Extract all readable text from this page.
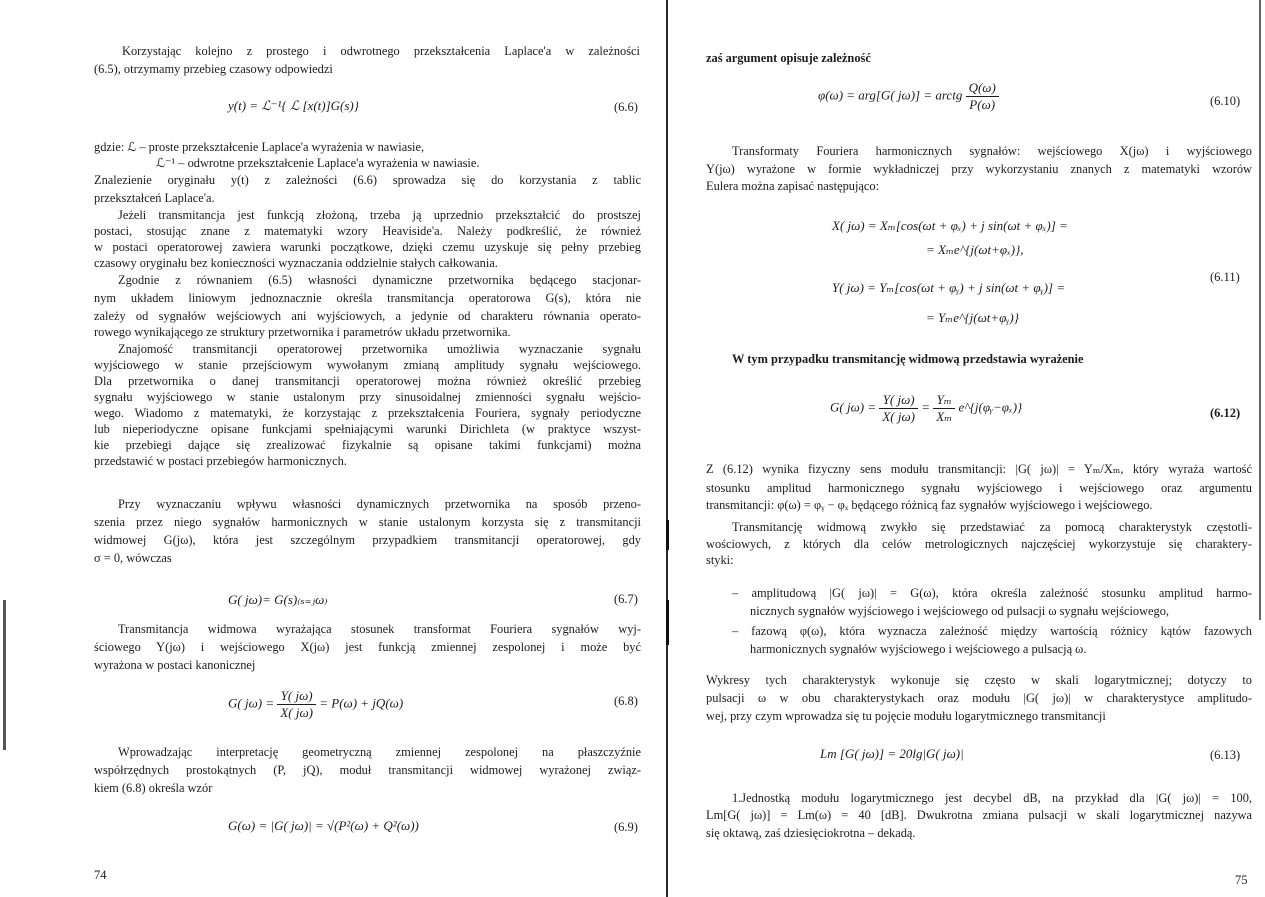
Korzystając kolejno z prostego i odwrotnego przekształcenia Laplace'a w zależności
(6.5), otrzymamy przebieg czasowy odpowiedzi
y(t) = ℒ⁻¹{ ℒ [x(t)]G(s)}	(6.6)
gdzie: ℒ – proste przekształcenie Laplace'a wyrażenia w nawiasie,
ℒ⁻¹ – odwrotne przekształcenie Laplace'a wyrażenia w nawiasie.
Znalezienie oryginału y(t) z zależności (6.6) sprowadza się do korzystania z tablic
przekształceń Laplace'a.
Jeżeli transmitancja jest funkcją złożoną, trzeba ją uprzednio przekształcić do prostszej
postaci, stosując znane z matematyki wzory Heaviside'a. Należy podkreślić, że również
w postaci operatorowej zawiera warunki początkowe, dzięki czemu uzyskuje się pełny przebieg
czasowy oryginału bez konieczności wyznaczania oddzielnie stałych całkowania.
Zgodnie z równaniem (6.5) własności dynamiczne przetwornika będącego stacjonar-
nym układem liniowym jednoznacznie określa transmitancja operatorowa G(s), która nie
zależy od sygnałów wejściowych ani wyjściowych, a jedynie od charakteru równania operato-
rowego wynikającego ze struktury przetwornika i parametrów układu przetwornika.
Znajomość transmitancji operatorowej przetwornika umożliwia wyznaczanie sygnału
wyjściowego w stanie przejściowym wywołanym zmianą amplitudy sygnału wejściowego.
Dla przetwornika o danej transmitancji operatorowej można również określić przebieg
sygnału wyjściowego w stanie ustalonym przy sinusoidalnej zmienności sygnału wejścio-
wego. Wiadomo z matematyki, że korzystając z przekształcenia Fouriera, sygnały periodyczne
lub nieperiodyczne opisane funkcjami spełniającymi warunki Dirichleta (w praktyce wszyst-
kie przebiegi dające się zrealizować fizykalnie są opisane takimi funkcjami) można
przedstawić w postaci przebiegów harmonicznych.
Przy wyznaczaniu wpływu własności dynamicznych przetwornika na sposób przeno-
szenia przez niego sygnałów harmonicznych w stanie ustalonym korzysta się z transmitancji
widmowej G(jω), która jest szczególnym przypadkiem transmitancji operatorowej, gdy
σ = 0, wówczas
G( jω)= G(s)₍ₛ₌ⱼω₎	(6.7)
Transmitancja widmowa wyrażająca stosunek transformat Fouriera sygnałów wyj-
ściowego Y(jω) i wejściowego X(jω) jest funkcją zmiennej zespolonej i może być
wyrażona w postaci kanonicznej
G( $j\omega) = \frac{Y( j\omega)}{X( j\omega)} = P(\omega) + jQ(\omega)$	(6.8)
Wprowadzając interpretację geometryczną zmiennej zespolonej na płaszczyźnie
współrzędnych prostokątnych (P, jQ), moduł transmitancji widmowej wyrażonej związ-
kiem (6.8) określa wzór
G(ω) = |G( jω)| = √(P²(ω) + Q²(ω))	(6.9)
74
zaś argument opisuje zależność
φ(ω) = arg[G( jω)] = arctg $\frac{Q(\omega)}{P(\omega)}$	(6.10)
Transformaty Fouriera harmonicznych sygnałów: wejściowego X(jω) i wyjściowego
Y(jω) wyrażone w formie wykładniczej przy wykorzystaniu znanych z matematyki wzorów
Eulera można zapisać następująco:
X( jω) = Xₘ[cos(ωt + φₓ) + j sin(ωt + φₓ)] =
= Xₘe^{j(ωt+φₓ)},
Y( jω) = Yₘ[cos(ωt + φᵧ) + j sin(ωt + φᵧ)] =
= Yₘe^{j(ωt+φᵧ)}
(6.11)
W tym przypadku transmitancję widmową przedstawia wyrażenie
G( $j\omega) = \frac{Y( j\omega)}{X( j\omega)} = \frac{\text{Yₘ}}{\text{Xₘ}}$ e^{j(φᵧ−φₓ)}	(6.12)
Z (6.12) wynika fizyczny sens modułu transmitancji: |G( jω)| = Yₘ/Xₘ, który wyraża wartość
stosunku amplitud harmonicznego sygnału wyjściowego i wejściowego oraz argumentu
transmitancji: φ(ω) = φᵧ − φₓ będącego różnicą faz sygnałów wyjściowego i wejściowego.
Transmitancję widmową zwykło się przedstawiać za pomocą charakterystyk częstotli-
wościowych, z których dla celów metrologicznych najczęściej wykorzystuje się charaktery-
styki:
– amplitudową |G( jω)| = G(ω), która określa zależność stosunku amplitud harmo-
nicznych sygnałów wyjściowego i wejściowego od pulsacji ω sygnału wejściowego,
– fazową φ(ω), która wyznacza zależność między wartością różnicy kątów fazowych
harmonicznych sygnałów wyjściowego i wejściowego a pulsacją ω.
Wykresy tych charakterystyk wykonuje się często w skali logarytmicznej; dotyczy to
pulsacji ω w obu charakterystykach oraz modułu |G( jω)| w charakterystyce amplitudo-
wej, przy czym wprowadza się tu pojęcie modułu logarytmicznego transmitancji
Lm [G( jω)] = 20lg|G( jω)|	(6.13)
1.Jednostką modułu logarytmicznego jest decybel dB, na przykład dla |G( jω)| = 100,
Lm[G( jω)] = Lm(ω) = 40 [dB]. Dwukrotna zmiana pulsacji w skali logarytmicznej nazywa
się oktawą, zaś dziesięciokrotna – dekadą.
75
